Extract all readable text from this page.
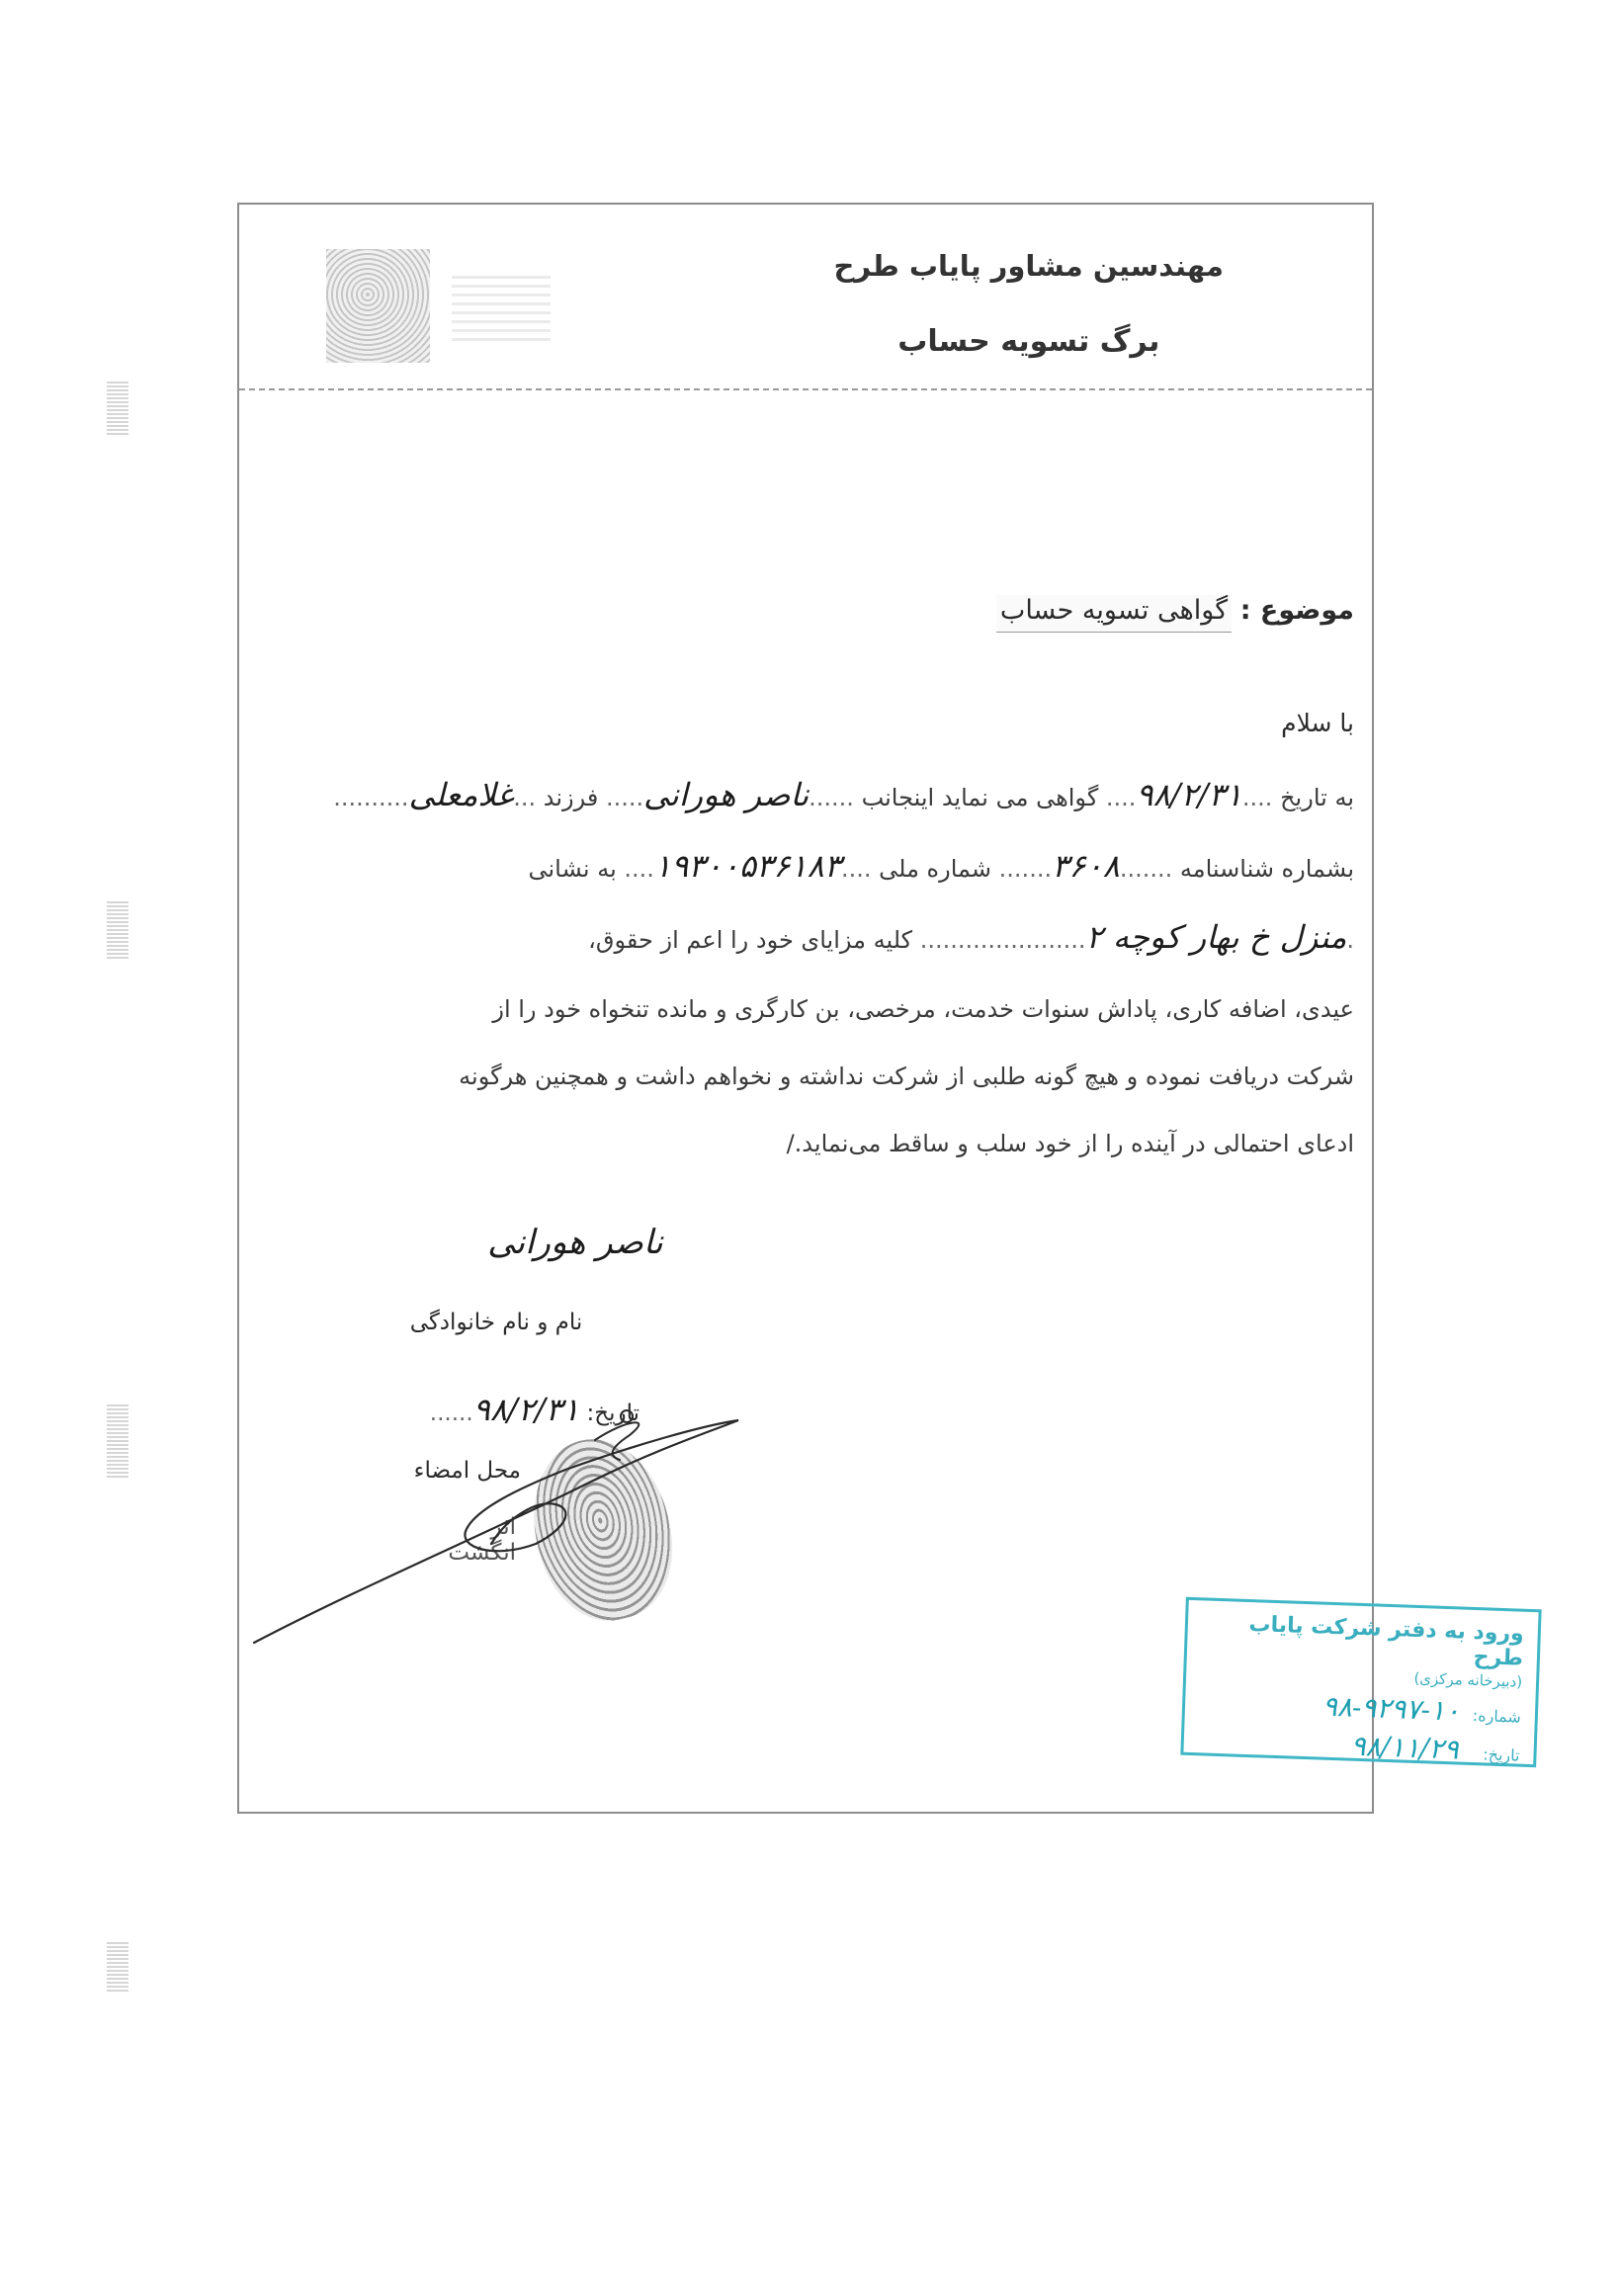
مهندسین مشاور پایاب طرح

برگ تسویه حساب

موضوع : گواهی تسویه حساب
با سلام
به تاریخ ....۹۸/۲/۳۱.... گواهی می نماید اینجانب ......ناصر هورانی..... فرزند ...غلامعلی..........
بشماره شناسنامه .......۳۶۰۸....... شماره ملی ....۱۹۳۰۰۵۳۶۱۸۳.... به نشانی
.منزل خ بهار کوچه ۲...................... کلیه مزایای خود را اعم از حقوق،
عیدی، اضافه کاری، پاداش سنوات خدمت، مرخصی، بن کارگری و مانده تنخواه خود را از
شرکت دریافت نموده و هیچ گونه طلبی از شرکت نداشته و نخواهم داشت و همچنین هرگونه
ادعای احتمالی در آینده را از خود سلب و ساقط می‌نماید./
ناصر هورانی
نام و نام خانوادگی
تاریخ: ۹۸/۲/۳۱......
محل امضاء
اثر انگشت
ورود به دفتر شرکت پایاب طرح
(دبیرخانه مرکزی)
شماره:
۹۸-۹۲۹۷-۱۰
تاریخ:
۹۸/۱۱/۲۹
